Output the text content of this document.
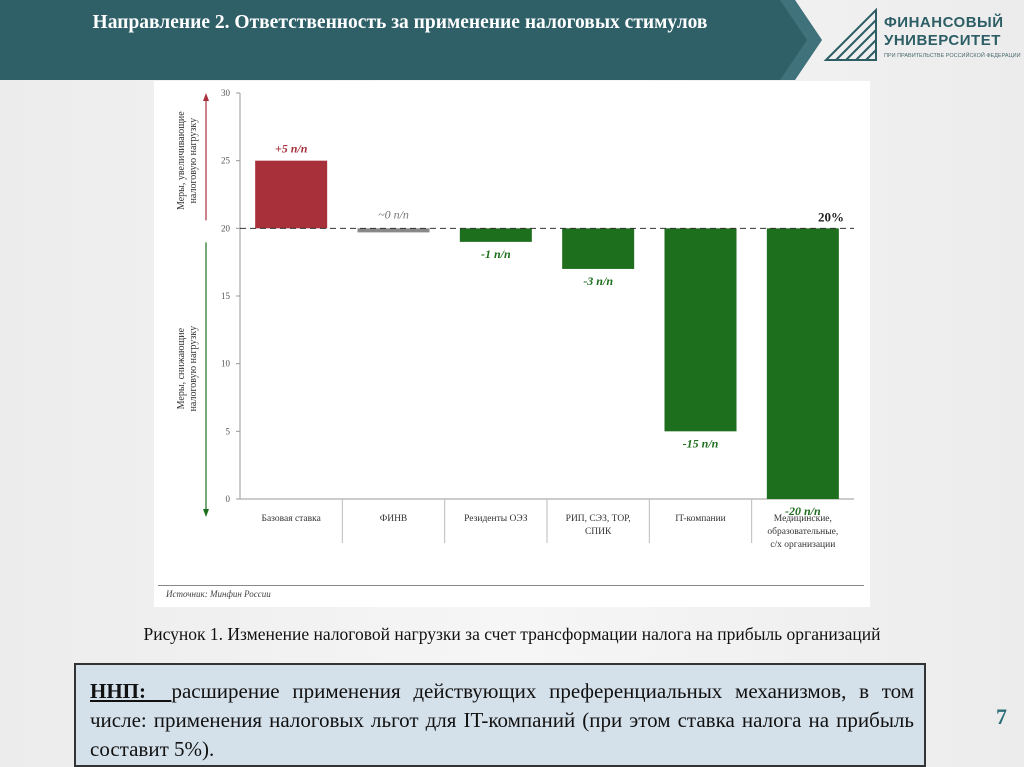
Направление 2. Ответственность за применение налоговых стимулов	ФИНАНСОВЫЙ
УНИВЕРСИТЕТ
ПРИ ПРАВИТЕЛЬСТВЕ РОССИЙСКОЙ ФЕДЕРАЦИИ
0
5
10
15
20
25
30
Меры, увеличивающие налоговую нагрузку
Меры, снижающие налоговую нагрузку
+5 п/п
Базовая ставка
~0 п/п
ФИНВ
-1 п/п
Резиденты ОЭЗ
-3 п/п
РИП, СЭЗ, ТОР,
СПИК
-15 п/п
IT-компании
-20 п/п
Медицинские,
образовательные,
с/х организации
20%
Источник: Минфин России
Рисунок 1. Изменение налоговой нагрузки за счет трансформации налога на прибыль организаций
ННП:  расширение применения действующих преференциальных механизмов, в том числе: применения налоговых льгот для IT-компаний (при этом ставка налога на прибыль составит 5%).
7
